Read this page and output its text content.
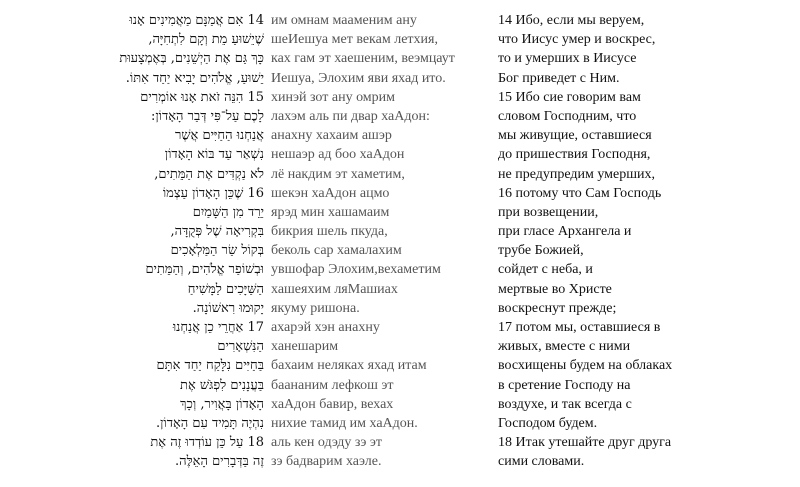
14 אִם אֲמַנָּם מַאֲמִינִים אָנוּ
שֶׁיֵשׁוּעַ מֵת וְקָם לִתְחִיָּה,
כָּךְ גַּם אֶת הַיְשֵׁנִים, בְּאֶמְצָעוּת
יֵשׁוּעַ, אֱלֹהִים יָבִיא יַחַד אִתּוֹ.
15 הִנֵּה זֹאת אָנוּ אוֹמְרִים
לָכֶם עַל־פִּי דְּבַר הָאָדוֹן:
אֲנַחְנוּ הַחַיִּים אֲשֶׁר
נִשְׁאַר עַד בּוֹא הָאָדוֹן
לֹא נַקְדִּים אֶת הַמֵּתִים,
16 שֶׁכֵּן הָאָדוֹן עַצְמוֹ
יֵרֵד מִן הַשָּׁמַיִם
בִּקְרִיאָה שֶׁל פְּקֻדָּה,
בְּקוֹל שַׂר הַמַּלְאָכִים
וּבְשׁוֹפַר אֱלֹהִים, וְהַמֵּתִים
הַשַּׁיָּכִים לַמָּשִׁיחַ
יָקוּמוּ רִאשׁוֹנָה.
17 אַחֲרֵי כֵן אֲנַחְנוּ
הַנִּשְׁאָרִים
בַּחַיִּים נִלָּקַח יַחַד אִתָּם
בַּעֲנָנִים לִפְגֹּשׁ אֶת
הָאָדוֹן בָּאֲוִיר, וְכָךְ
נִהְיֶה תָּמִיד עִם הָאָדוֹן.
18 עַל כֵּן עוֹדְדוּ זֶה אֶת
זֶה בַּדְּבָרִים הָאֵלֶּה.
им омнам мааменим ану
шеИешуа мет векам летхия,
ках гам эт хаешеним, веэмцаут
Иешуа, Элохим яви яхад ито.
хинэй зот ану омрим
лахэм аль пи двар хаАдон:
анахну хахаим ашэр
нешаэр ад боо хаАдон
лё накдим эт хаметим,
шекэн хаАдон ацмо
ярэд мин хашамаим
бикрия шель пкуда,
беколь сар хамалахим
увшофар Элохим,вехаметим
хашеяхим ляМашиах
якуму ришона.
ахарэй хэн анахну
ханешарим
бахаим неляках яхад итам
баананим лефкош эт
хаАдон бавир, вехах
нихие тамид им хаАдон.
аль кен одэду зэ эт
зэ бадварим хаэле.
14 Ибо, если мы веруем,
что Иисус умер и воскрес,
то и умерших в Иисусе
Бог приведет с Ним.
15 Ибо сие говорим вам
словом Господним, что
мы живущие, оставшиеся
до пришествия Господня,
не предупредим умерших,
16 потому что Сам Господь
при возвещении,
при гласе Архангела и
трубе Божией,
сойдет с неба, и
мертвые во Христе
воскреснут прежде;
17 потом мы, оставшиеся в
живых, вместе с ними
восхищены будем на облаках
в сретение Господу на
воздухе, и так всегда с
Господом будем.
18 Итак утешайте друг друга
сими словами.
